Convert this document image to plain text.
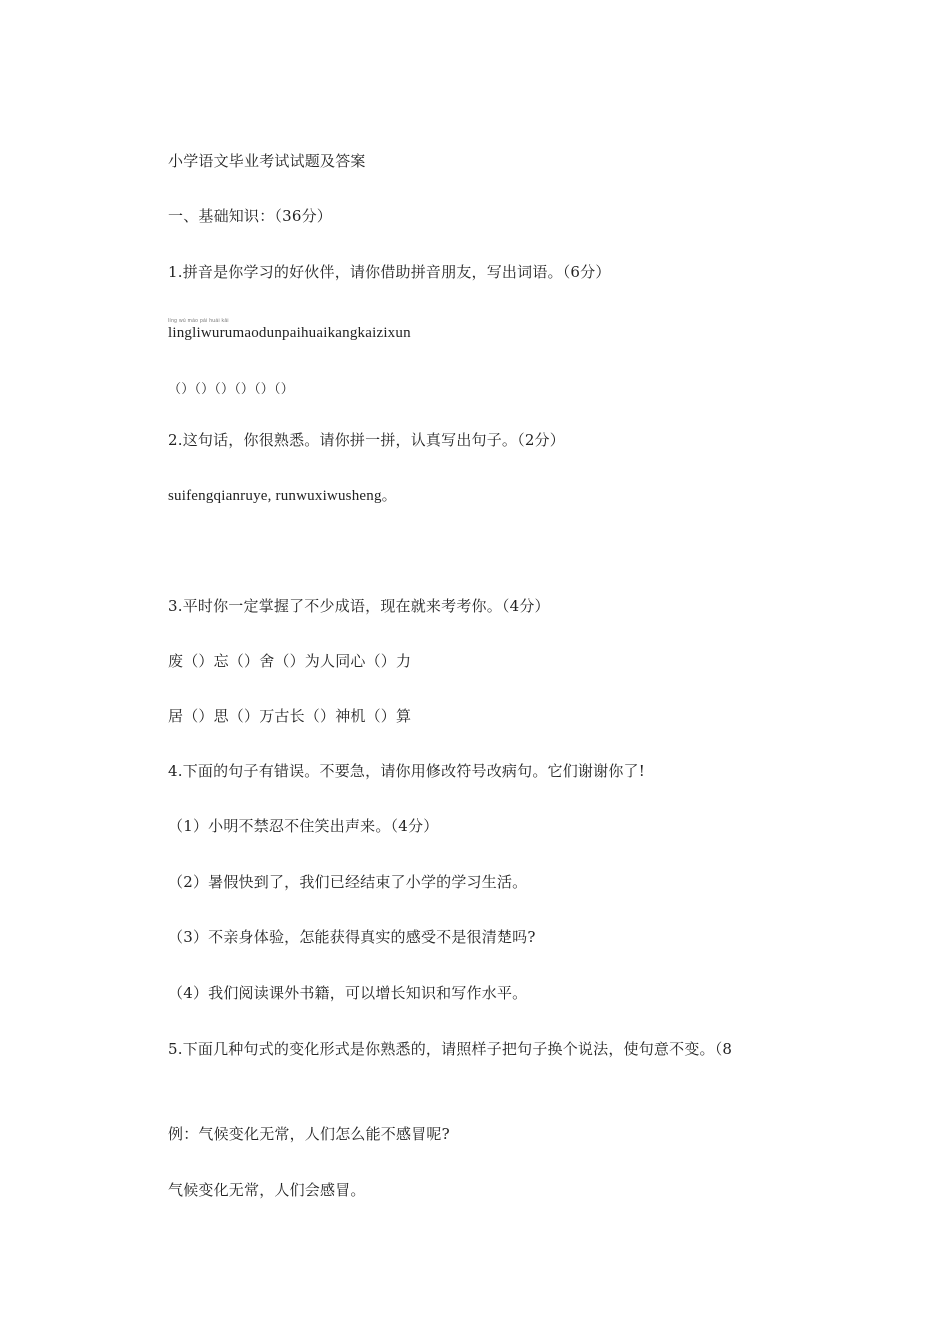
小学语文毕业考试试题及答案
一、基础知识：（36分）
1.拼音是你学习的好伙伴，请你借助拼音朋友，写出词语。（6分）
líng wú máo pái huái kāi
lingliwurumaodunpaihuaikangkaizixun
（）（）（）（）（）（）
2.这句话，你很熟悉。请你拼一拼，认真写出句子。（2分）
suifengqianruye, runwuxiwusheng。
3.平时你一定掌握了不少成语，现在就来考考你。（4分）
废（）忘（）舍（）为人同心（）力
居（）思（）万古长（）神机（）算
4.下面的句子有错误。不要急，请你用修改符号改病句。它们谢谢你了!
（1）小明不禁忍不住笑出声来。（4分）
（2）暑假快到了，我们已经结束了小学的学习生活。
（3）不亲身体验，怎能获得真实的感受不是很清楚吗?
（4）我们阅读课外书籍，可以增长知识和写作水平。
5.下面几种句式的变化形式是你熟悉的，请照样子把句子换个说法，使句意不变。（8
例：气候变化无常，人们怎么能不感冒呢?
气候变化无常，人们会感冒。
